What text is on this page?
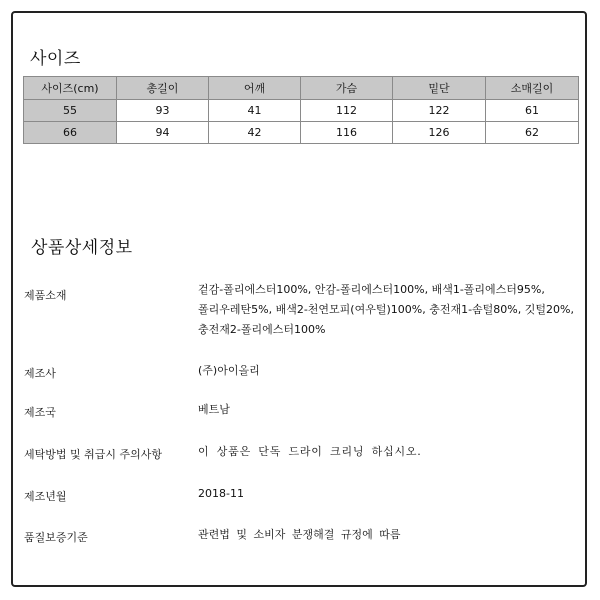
사이즈
사이즈(cm)	총길이	어깨	가슴	밑단	소매길이
55	93	41	112	122	61
66	94	42	116	126	62
상품상세정보
제품소재	겉감-폴리에스터100%, 안감-폴리에스터100%, 배색1-폴리에스터95%,
폴리우레탄5%, 배색2-천연모피(여우털)100%, 충전재1-솜털80%, 깃털20%,
충전재2-폴리에스터100%
제조사	(주)아이올리
제조국	베트남
세탁방법 및 취급시 주의사항	이 상품은 단독 드라이 크리닝 하십시오.
제조년월	2018-11
품질보증기준	관련법 및 소비자 분쟁해결 규정에 따름
